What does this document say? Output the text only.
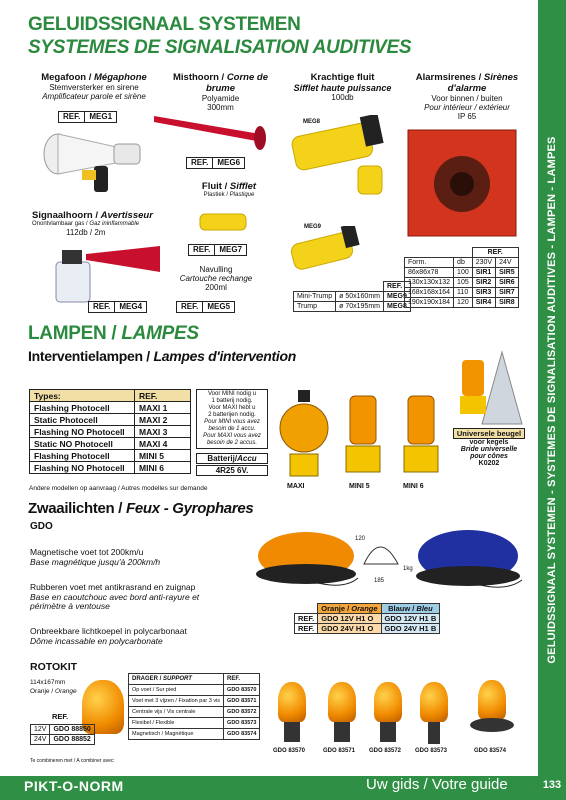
GELUIDSSIGNAAL SYSTEMEN - SYSTEMES DE SIGNALISATION AUDITIVES - LAMPEN - LAMPES
GELUIDSSIGNAAL SYSTEMEN
SYSTEMES DE SIGNALISATION AUDITIVES
Megafoon / Mégaphone
Stemversterker en sirene
Amplificateur parole et sirène
REF.	MEG1
Misthoorn / Corne de brume
Polyamide
300mm
REF.	MEG6
Krachtige fluit
Sifflet haute puissance
100db
MEG8
MEG9
Alarmsirenes / Sirènes d'alarme
Voor binnen / buiten
Pour intérieur / extérieur
IP 65
Fluit / Sifflet
Plastiek / Plastique
REF.	MEG7
Signaalhoorn / Avertisseur
Onontvlambaar gas / Gaz ininflammable
112db / 2m
REF.	MEG4
Navulling
Cartouche rechange
200ml
REF.	MEG5
		REF.
Mini-Trump	ø 50x160mm	MEG9
Trump	ø 70x195mm	MEG8
		REF.	
Form.	db	230V	24V
86x86x78	100	SIR1	SIR5
130x130x132	105	SIR2	SIR6
168x168x164	110	SIR3	SIR7
190x190x184	120	SIR4	SIR8
LAMPEN / LAMPES
Interventielampen / Lampes d'intervention
Types:	REF.
Flashing Photocell	MAXI 1
Static Photocell	MAXI 2
Flashing NO Photocell	MAXI 3
Static NO Photocell	MAXI 4
Flashing Photocell	MINI 5
Flashing NO Photocell	MINI 6
Voor MINI nodig u
1 batterij nodig.
Voor MAXI hebt u
2 batterijen nodig.
Pour MINI vous avez
besoin de 1 accu.
Pour MAXI vous avez
besoin de 2 accus.
Batterij/Accu
4R25 6V.
Andere modellen op aanvraag / Autres modelles sur demande	MAXI	MINI 5	MINI 6
Universele beugel
voor kegels
Bride universelle
pour cônes
K0202
Zwaailichten / Feux - Gyrophares
GDO
Magnetische voet tot 200km/u
Base magnétique jusqu'à 200km/h
Rubberen voet met antikrasrand en zuignap
Base en caoutchouc avec bord anti-rayure et
périmètre à ventouse
Onbreekbare lichtkoepel in polycarbonaat
Dôme incassable en polycarbonate
120
185
1kg
	Oranje / Orange	Blauw / Bleu
REF.	GDO 12V H1 O	GDO 12V H1 B
REF.	GDO 24V H1 O	GDO 24V H1 B
ROTOKIT
114x167mm
Oranje / Orange
REF.
12V	GDO 88850
24V	GDO 88852
Te combineren met / A combiner avec:
DRAGER / SUPPORT	REF.
Op voet / Sur pied	GDO 83570
Voet met 3 vijzen / Fixation par 3 vis	GDO 83571
Centrale vijs / Vis centrale	GDO 83572
Flexibel / Flexible	GDO 83573
Magnetisch / Magnétique	GDO 83574
GDO 83570	GDO 83571 GDO 83572 GDO 83573	GDO 83574
PIKT-O-NORM	Uw gids / Votre guide	133
